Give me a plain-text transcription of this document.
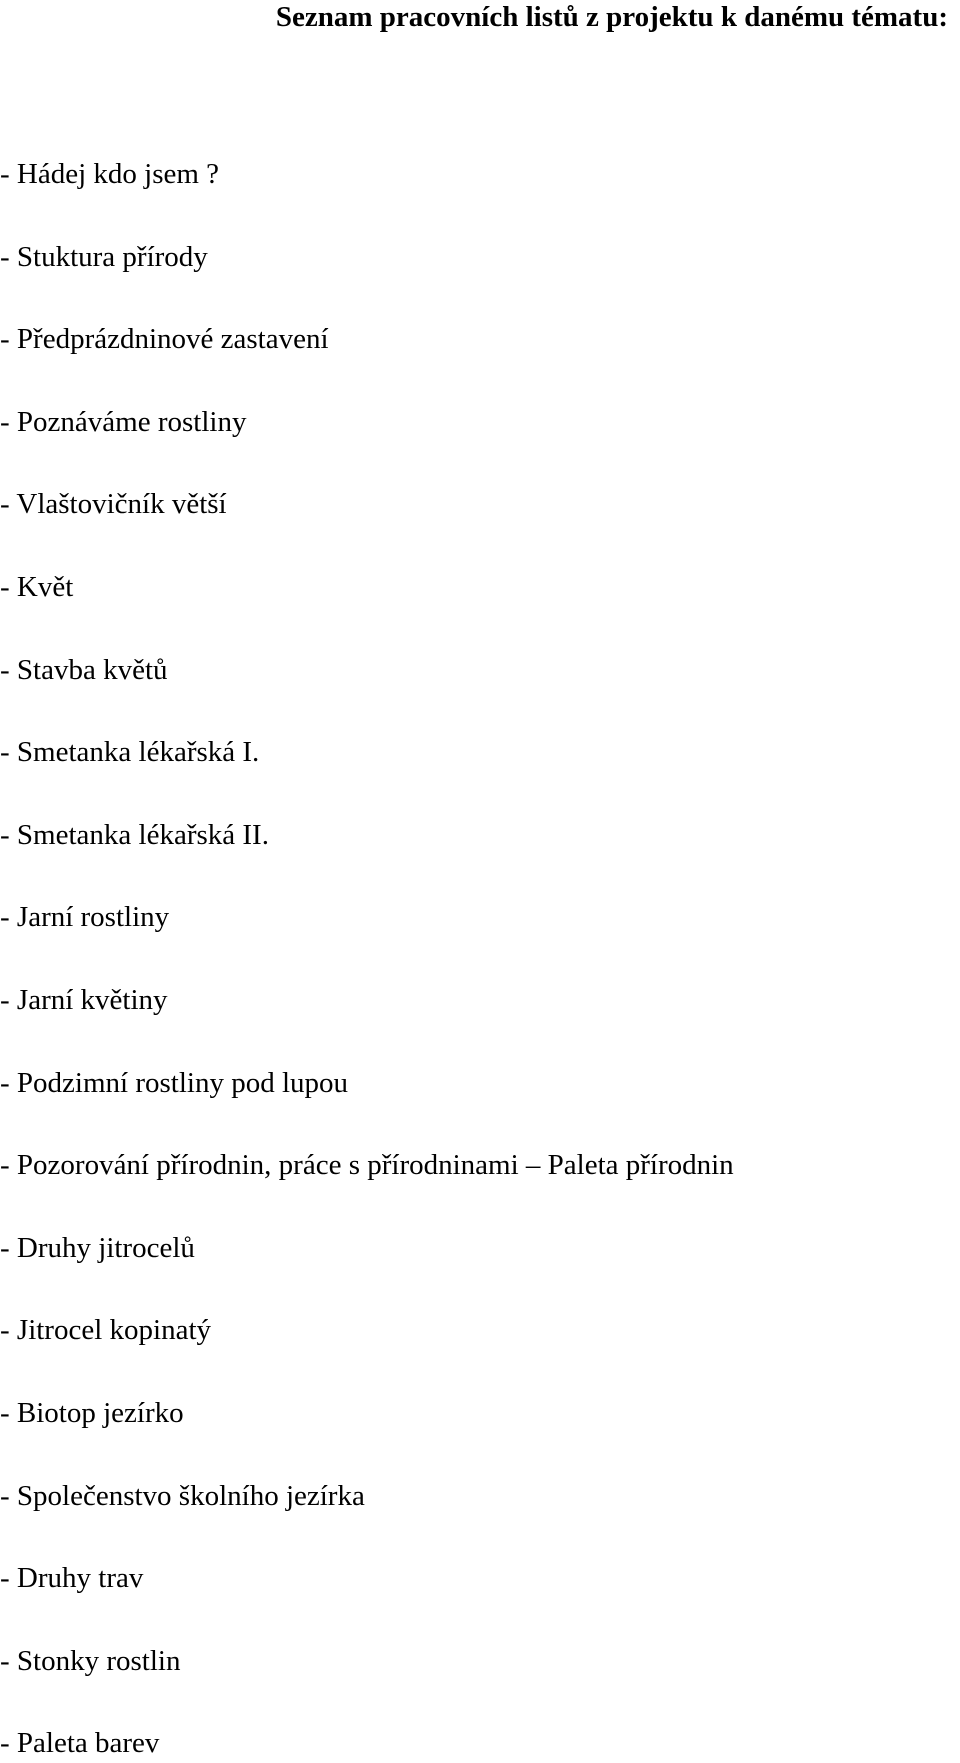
Seznam pracovních listů z projektu k danému tématu:
- Hádej kdo jsem ?
- Stuktura přírody
- Předprázdninové zastavení
- Poznáváme rostliny
- Vlaštovičník větší
- Květ
- Stavba květů
- Smetanka lékařská I.
- Smetanka lékařská II.
- Jarní rostliny
- Jarní květiny
- Podzimní rostliny pod lupou
- Pozorování přírodnin, práce s přírodninami – Paleta přírodnin
- Druhy jitrocelů
- Jitrocel kopinatý
- Biotop jezírko
- Společenstvo školního jezírka
- Druhy trav
- Stonky rostlin
- Paleta barev
